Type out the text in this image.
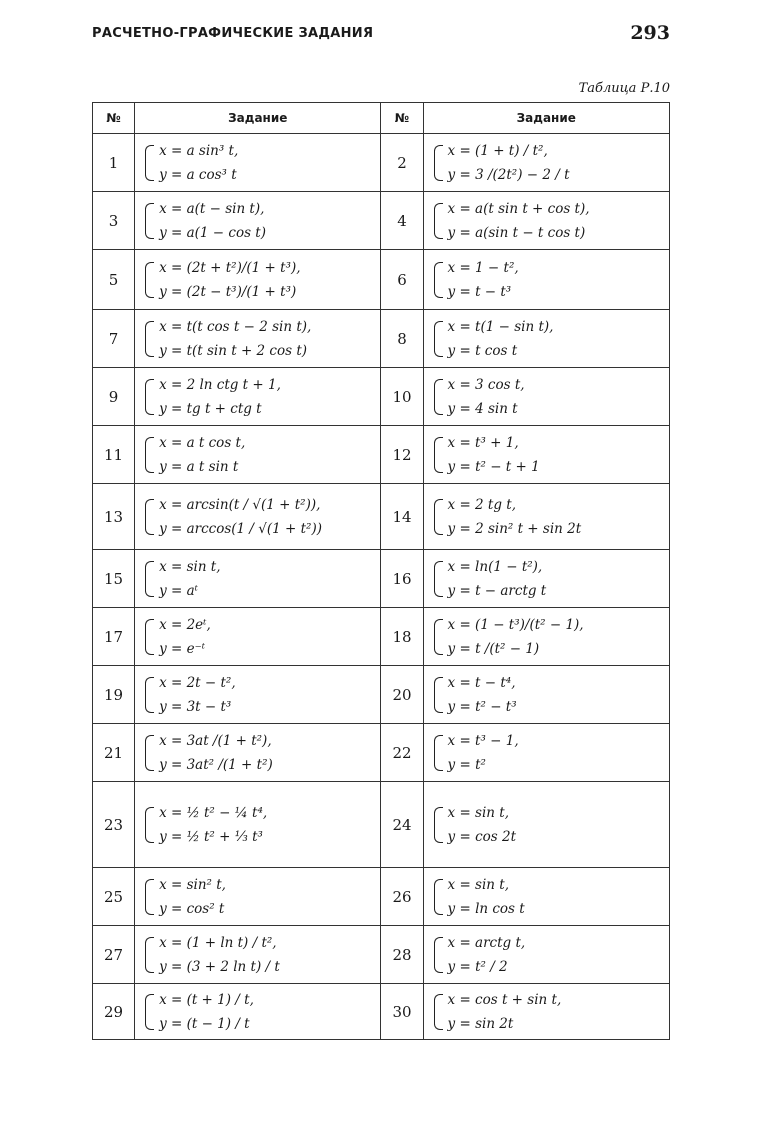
РАСЧЕТНО-ГРАФИЧЕСКИЕ ЗАДАНИЯ	293
Таблица Р.10
№	Задание	№	Задание
1	x = a sin³ t,
y = a cos³ t	2	x = (1 + t) / t²,
y = 3 /(2t²) − 2 / t

3	x = a(t − sin t),
y = a(1 − cos t)	4	x = a(t sin t + cos t),
y = a(sin t − t cos t)

5	x = (2t + t²)/(1 + t³),
y = (2t − t³)/(1 + t³)	6	x = 1 − t²,
y = t − t³

7	x = t(t cos t − 2 sin t),
y = t(t sin t + 2 cos t)	8	x = t(1 − sin t),
y = t cos t

9	x = 2 ln ctg t + 1,
y = tg t + ctg t	10	x = 3 cos t,
y = 4 sin t

11	x = a t cos t,
y = a t sin t	12	x = t³ + 1,
y = t² − t + 1

13	x = arcsin(t / √(1 + t²)),
y = arccos(1 / √(1 + t²))	14	x = 2 tg t,
y = 2 sin² t + sin 2t

15	x = sin t,
y = aᵗ	16	x = ln(1 − t²),
y = t − arctg t

17	x = 2eᵗ,
y = e⁻ᵗ	18	x = (1 − t³)/(t² − 1),
y = t /(t² − 1)

19	x = 2t − t²,
y = 3t − t³	20	x = t − t⁴,
y = t² − t³

21	x = 3at /(1 + t²),
y = 3at² /(1 + t²)	22	x = t³ − 1,
y = t²

23	x = ½ t² − ¼ t⁴,
y = ½ t² + ⅓ t³	24	x = sin t,
y = cos 2t

25	x = sin² t,
y = cos² t	26	x = sin t,
y = ln cos t

27	x = (1 + ln t) / t²,
y = (3 + 2 ln t) / t	28	x = arctg t,
y = t² / 2

29	x = (t + 1) / t,
y = (t − 1) / t	30	x = cos t + sin t,
y = sin 2t
